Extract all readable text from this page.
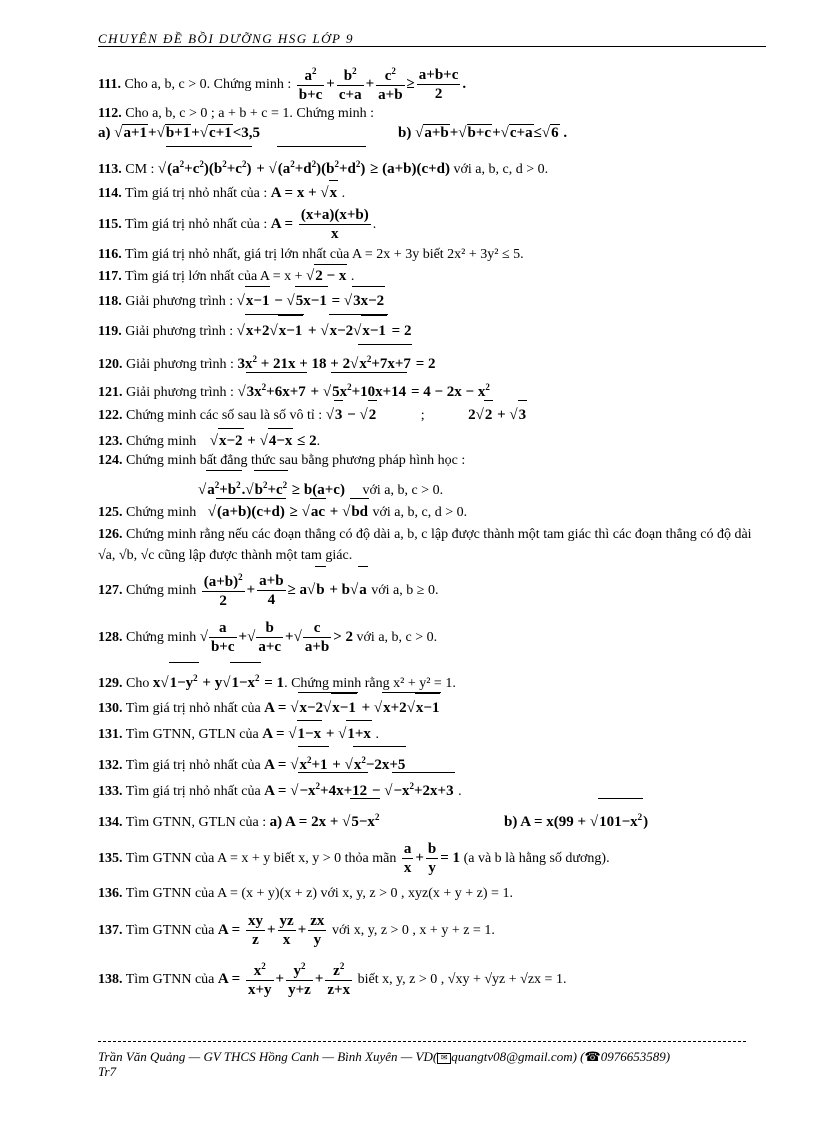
CHUYÊN ĐỀ BỒI DƯỠNG HSG LỚP 9
111. Cho a, b, c > 0. Chứng minh : $\frac{a^2}{b+c} + \frac{b^2}{c+a} + \frac{c^2}{a+b} \ge \frac{a+b+c}{2}$ .
112. Cho a, b, c > 0 ; a + b + c = 1. Chứng minh :
a) √a+1+√b+1+√c+1<3,5	b) √a+b+√b+c+√c+a≤√6 .
113. CM : $√(a^2+c^2)(b^2+c^2) + √(a^2+d^2)(b^2+d^2) \ge (a+b)(c+d)$ với a, b, c, d > 0.
114. Tìm giá trị nhỏ nhất của : A = x + √x .
115. Tìm giá trị nhỏ nhất của : $A = \frac{(x+a)(x+b)}{x}$ .
116. Tìm giá trị nhỏ nhất, giá trị lớn nhất của A = 2x + 3y biết 2x² + 3y² ≤ 5.
117. Tìm giá trị lớn nhất của A = x + √2 − x .
118. Giải phương trình : √x−1 − √5x−1 = √3x−2
119. Giải phương trình : √x+2√x−1 + √x−2√x−1 = 2
120. Giải phương trình : $3x^2 + 21x + 18 + 2√x^2+7x+7 = 2$
121. Giải phương trình : $√3x^2+6x+7 + √5x^2+10x+14 = 4 - 2x - x^2$
122. Chứng minh các số sau là số vô tỉ : √3 − √2	;	2√2 + √3
123. Chứng minh √x−2 + √4−x ≤ 2.
124. Chứng minh bất đẳng thức sau bằng phương pháp hình học :
$√a^2+b^2.√b^2+c^2 \ge b(a+c)$ với a, b, c > 0.
125. Chứng minh √(a+b)(c+d) ≥ √ac + √bd với a, b, c, d > 0.
126. Chứng minh rằng nếu các đoạn thẳng có độ dài a, b, c lập được thành một tam giác thì các đoạn thẳng có độ dài √a, √b, √c cũng lập được thành một tam giác.
127. Chứng minh $\frac{(a+b)^2}{2} + \frac{a+b}{4} \ge a√b + b√a$ với a, b ≥ 0.
128. Chứng minh √ $\frac{a}{b+c}$ +√ $\frac{b}{a+c}$ +√ $\frac{c}{a+b} > 2$ với a, b, c > 0.
129. Cho $x√1-y^2 + y√1-x^2 = 1$. Chứng minh rằng x² + y² = 1.
130. Tìm giá trị nhỏ nhất của A = √x−2√x−1 + √x+2√x−1
131. Tìm GTNN, GTLN của A = √1−x + √1+x .
132. Tìm giá trị nhỏ nhất của $A = √x^2+1 + √x^2-2x+5$
133. Tìm giá trị nhỏ nhất của $A = √-x^2+4x+12 - √-x^2+2x+3$ .
134. Tìm GTNN, GTLN của : a) $A = 2x + √5-x^2$	b) $A = x(99 + √101-x^2)$
135. Tìm GTNN của A = x + y biết x, y > 0 thỏa mãn $\frac{a}{x} + \frac{b}{y} = 1$ (a và b là hằng số dương).
136. Tìm GTNN của A = (x + y)(x + z) với x, y, z > 0 , xyz(x + y + z) = 1.
137. Tìm GTNN của $A = \frac{xy}{z} + \frac{yz}{x} + \frac{zx}{y}$ với x, y, z > 0 , x + y + z = 1.
138. Tìm GTNN của $A = \frac{x^2}{x+y} + \frac{y^2}{y+z} + \frac{z^2}{z+x}$ biết x, y, z > 0 , √xy + √yz + √zx = 1.
Trần Văn Quảng — GV THCS Hồng Canh — Bình Xuyên — VD( ✉ quangtv08@gmail.com) (☎0976653589)
Tr7
